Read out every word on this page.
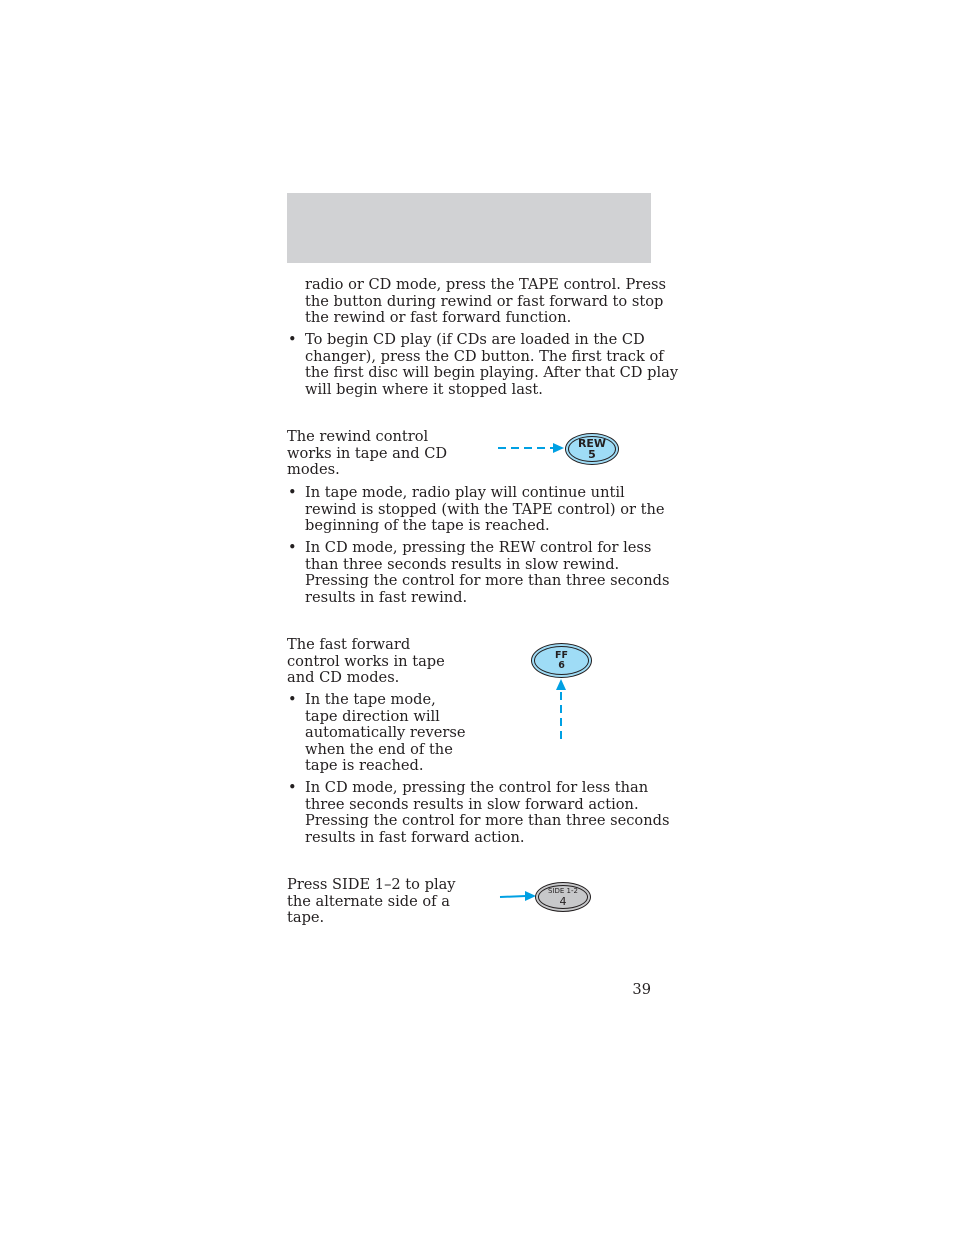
radio or CD mode, press the TAPE control. Press
the button during rewind or fast forward to stop
the rewind or fast forward function.

• To begin CD play (if CDs are loaded in the CD
changer), press the CD button. The first track of
the first disc will begin playing. After that CD play
will begin where it stopped last.

The rewind control
works in tape and CD
modes.

REW
5
• In tape mode, radio play will continue until
rewind is stopped (with the TAPE control) or the
beginning of the tape is reached.

• In CD mode, pressing the REW control for less
than three seconds results in slow rewind.
Pressing the control for more than three seconds
results in fast rewind.

The fast forward
control works in tape
and CD modes.

FF
6
• In the tape mode,
tape direction will
automatically reverse
when the end of the
tape is reached.

• In CD mode, pressing the control for less than
three seconds results in slow forward action.
Pressing the control for more than three seconds
results in fast forward action.

Press SIDE 1–2 to play
the alternate side of a
tape.

SIDE 1-2
4
39
